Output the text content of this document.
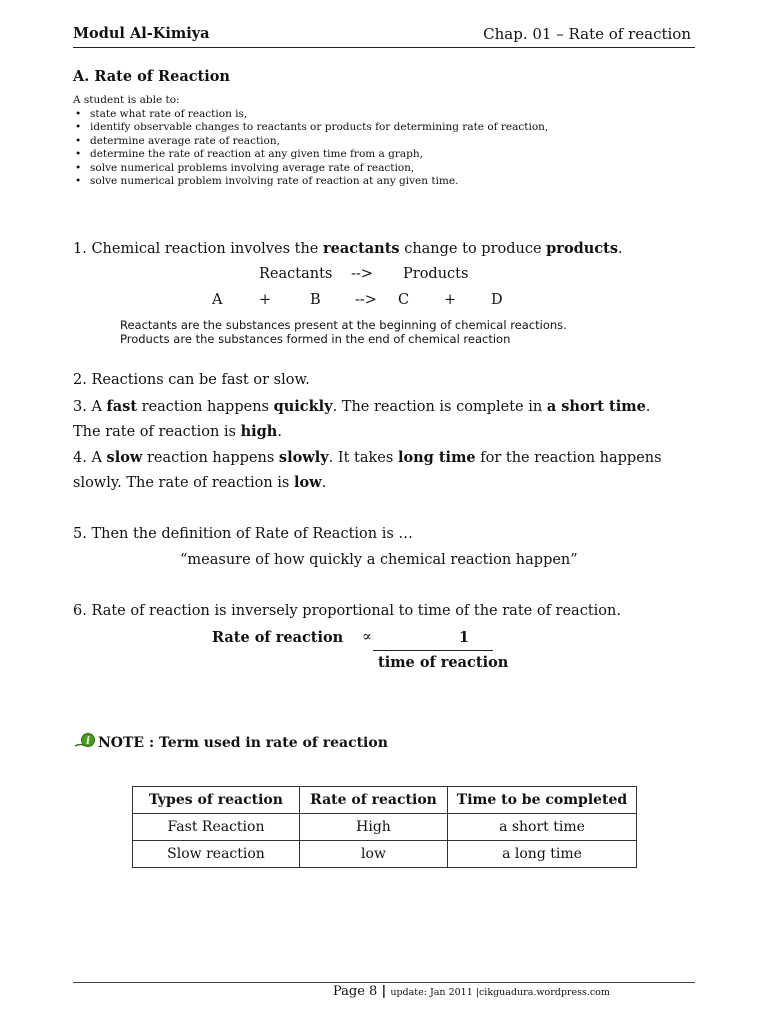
Modul Al-Kimiya	Chap. 01 – Rate of reaction
A. Rate of Reaction
A student is able to:
• state what rate of reaction is,
• identify observable changes to reactants or products for determining rate of reaction,
• determine average rate of reaction,
• determine the rate of reaction at any given time from a graph,
• solve numerical problems involving average rate of reaction,
• solve numerical problem involving rate of reaction at any given time.
1. Chemical reaction involves the reactants change to produce products.
Reactants --> Products
A	+	B --> C + D
Reactants are the substances present at the beginning of chemical reactions.
Products are the substances formed in the end of chemical reaction
2. Reactions can be fast or slow.
3. A fast reaction happens quickly. The reaction is complete in a short time.
The rate of reaction is high.
4. A slow reaction happens slowly. It takes long time for the reaction happens
slowly. The rate of reaction is low.
5. Then the definition of Rate of Reaction is …
“measure of how quickly a chemical reaction happen”
6. Rate of reaction is inversely proportional to time of the rate of reaction.
Rate of reaction ∝	1
time of reaction
i NOTE : Term used in rate of reaction
Types of reaction	Rate of reaction	Time to be completed
Fast Reaction	High	a short time
Slow reaction	low	a long time
Page 8 | update: Jan 2011 |cikguadura.wordpress.com
